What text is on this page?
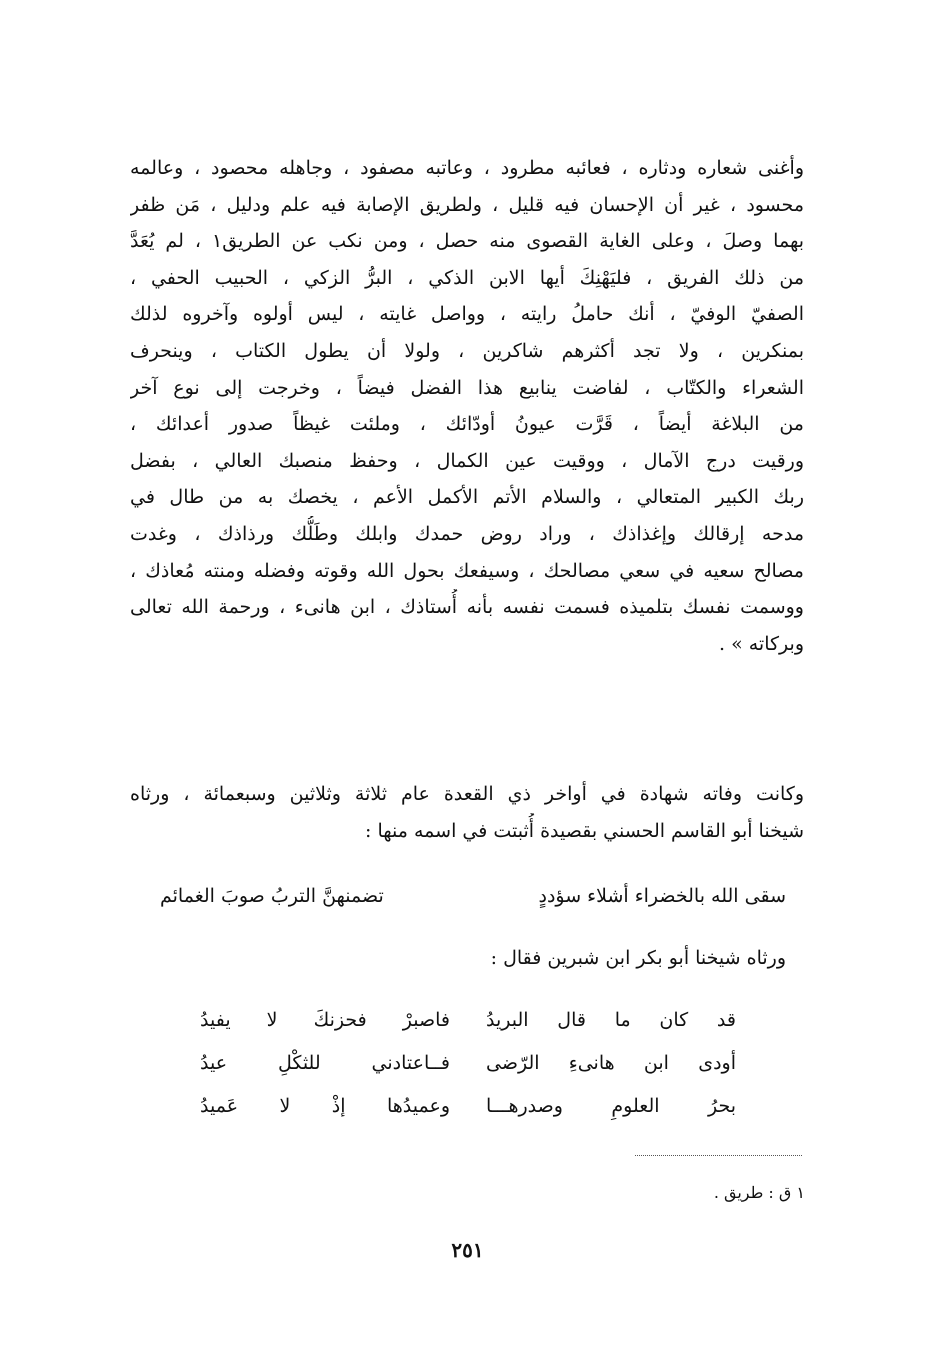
وأغنى شعاره ودثاره ، فعائبه مطرود ، وعاتبه مصفود ، وجاهله محصود ، وعالمه
محسود ، غير أن الإحسان فيه قليل ، ولطريق الإصابة فيه علم ودليل ، مَن ظفر
بهما وصلَ ، وعلى الغاية القصوى منه حصل ، ومن نكب عن الطريق١ ، لم يُعَدَّ
من ذلك الفريق ، فليَهْنِكَ أيها الابن الذكي ، البرُّ الزكي ، الحبيب الحفي ،
الصفيّ الوفيّ ، أنك حاملُ رايته ، وواصل غايته ، ليس أولوه وآخروه لذلك
بمنكرين ، ولا تجد أكثرهم شاكرين ، ولولا أن يطول الكتاب ، وينحرف
الشعراء والكتّاب ، لفاضت ينابيع هذا الفضل فيضاً ، وخرجت إلى نوع آخر
من البلاغة أيضاً ، قَرَّت عيونُ أودّائك ، وملئت غيظاً صدور أعدائك ،
ورقيت درج الآمال ، ووقيت عين الكمال ، وحفظ منصبك العالي ، بفضل
ربك الكبير المتعالي ، والسلام الأتم الأكمل الأعم ، يخصك به من طال في
مدحه إرقالك وإغذاذك ، وراد روض حمدك وابلك وطَلُّك ورذاذك ، وغدت
مصالح سعيه في سعي مصالحك ، وسيفعك بحول الله وقوته وفضله ومنته مُعاذك ،
ووسمت نفسك بتلميذه فسمت نفسه بأنه أُستاذك ، ابن هانىء ، ورحمة الله تعالى
وبركاته » .
وكانت وفاته شهادة في أواخر ذي القعدة عام ثلاثة وثلاثين وسبعمائة ، ورثاه
شيخنا أبو القاسم الحسني بقصيدة أُثبتت في اسمه منها :
سقى الله بالخضراء أشلاء سؤددٍ
تضمنهنَّ التربُ صوبَ الغمائم
ورثاه شيخنا أبو بكر ابن شبرين فقال :
قد كان ما قال البريدُ
فاصبرْ فحزنكَ لا يفيدُ
أودى ابن هانىءِ الرّضى
فــاعتادني للثكْلِ عيدُ
بحرُ العلومِ وصدرهـــا
وعميدُها إذْ لا عَميدُ
١ ق : طريق .
٢٥١
